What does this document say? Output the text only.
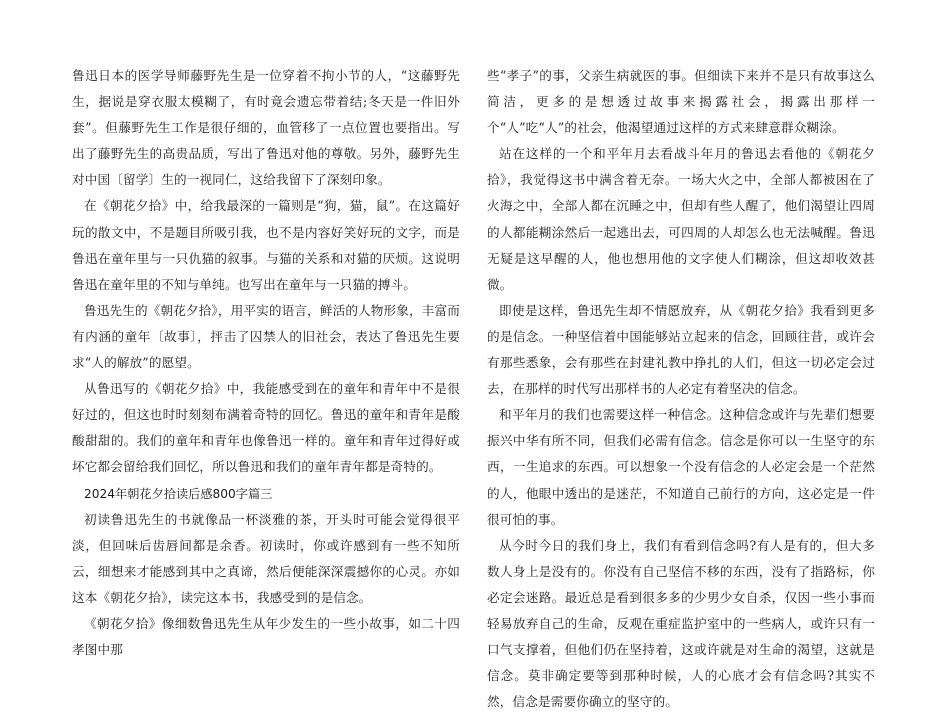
鲁迅日本的医学导师藤野先生是一位穿着不拘小节的人，“这藤野先生，据说是穿衣服太模糊了，有时竟会遗忘带着结;冬天是一件旧外套”。但藤野先生工作是很仔细的，血管移了一点位置也要指出。写出了藤野先生的高贵品质，写出了鲁迅对他的尊敬。另外，藤野先生对中国〔留学〕生的一视同仁，这给我留下了深刻印象。

在《朝花夕拾》中，给我最深的一篇则是“狗，猫，鼠”。在这篇好玩的散文中，不是题目所吸引我，也不是内容好笑好玩的文字，而是鲁迅在童年里与一只仇猫的叙事。与猫的关系和对猫的厌烦。这说明鲁迅在童年里的不知与单纯。也写出在童年与一只猫的搏斗。

鲁迅先生的《朝花夕拾》，用平实的语言，鲜活的人物形象，丰富而有内涵的童年〔故事〕，抨击了囚禁人的旧社会，表达了鲁迅先生要求“人的解放”的愿望。

从鲁迅写的《朝花夕拾》中，我能感受到在的童年和青年中不是很好过的，但这也时时刻刻布满着奇特的回忆。鲁迅的童年和青年是酸酸甜甜的。我们的童年和青年也像鲁迅一样的。童年和青年过得好或坏它都会留给我们回忆，所以鲁迅和我们的童年青年都是奇特的。

2024年朝花夕拾读后感800字篇三

初读鲁迅先生的书就像品一杯淡雅的茶，开头时可能会觉得很平淡，但回味后齿唇间都是余香。初读时，你或许感到有一些不知所云，细想来才能感到其中之真谛，然后便能深深震撼你的心灵。亦如这本《朝花夕拾》，读完这本书，我感受到的是信念。

《朝花夕拾》像细数鲁迅先生从年少发生的一些小故事，如二十四孝图中那

些“孝子”的事，父亲生病就医的事。但细读下来并不是只有故事这么简洁，更多的是想透过故事来揭露社会，揭露出那样一个“人”吃“人”的社会，他渴望通过这样的方式来肆意群众糊涂。

站在这样的一个和平年月去看战斗年月的鲁迅去看他的《朝花夕拾》，我觉得这书中满含着无奈。一场大火之中，全部人都被困在了火海之中，全部人都在沉睡之中，但却有些人醒了，他们渴望让四周的人都能糊涂然后一起逃出去，可四周的人却怎么也无法喊醒。鲁迅无疑是这早醒的人，他也想用他的文字使人们糊涂，但这却收效甚微。

即使是这样，鲁迅先生却不情愿放弃，从《朝花夕拾》我看到更多的是信念。一种坚信着中国能够站立起来的信念，回顾往昔，或许会有那些悉象，会有那些在封建礼教中挣扎的人们，但这一切必定会过去，在那样的时代写出那样书的人必定有着坚决的信念。

和平年月的我们也需要这样一种信念。这种信念或许与先辈们想要振兴中华有所不同，但我们必需有信念。信念是你可以一生坚守的东西，一生追求的东西。可以想象一个没有信念的人必定会是一个茫然的人，他眼中透出的是迷茫，不知道自己前行的方向，这必定是一件很可怕的事。

从今时今日的我们身上，我们有看到信念吗?有人是有的，但大多数人身上是没有的。你没有自己坚信不移的东西，没有了指路标，你必定会迷路。最近总是看到很多多的少男少女自杀，仅因一些小事而轻易放弃自己的生命，反观在重症监护室中的一些病人，或许只有一口气支撑着，但他们仍在坚持着，这或许就是对生命的渴望，这就是信念。莫非确定要等到那种时候，人的心底才会有信念吗?其实不然，信念是需要你确立的坚守的。
